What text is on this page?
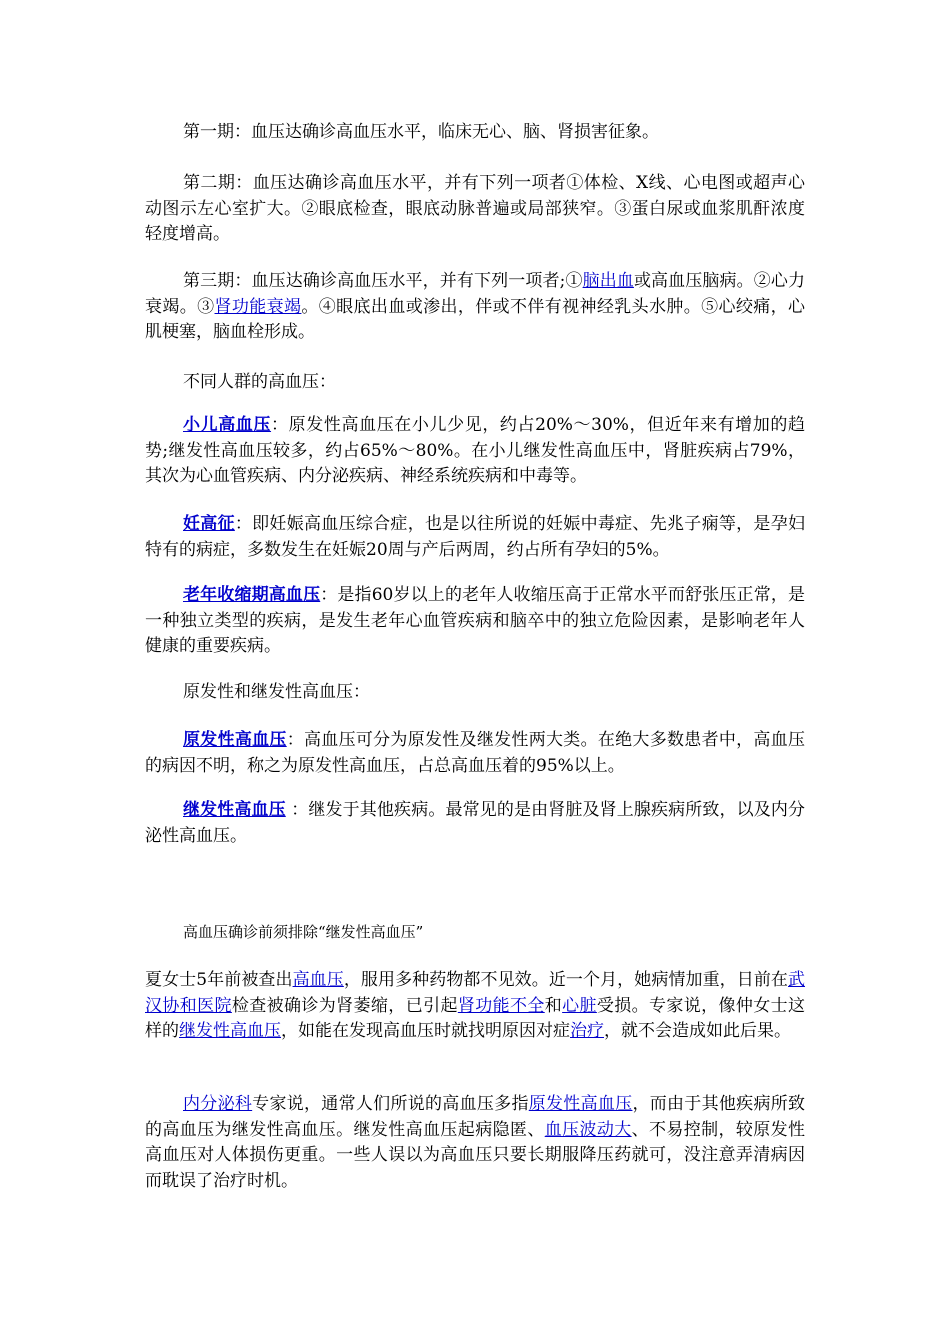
第一期：血压达确诊高血压水平，临床无心、脑、肾损害征象。

第二期：血压达确诊高血压水平，并有下列一项者①体检、X线、心电图或超声心动图示左心室扩大。②眼底检查，眼底动脉普遍或局部狭窄。③蛋白尿或血浆肌酐浓度轻度增高。

第三期：血压达确诊高血压水平，并有下列一项者;①脑出血或高血压脑病。②心力衰竭。③肾功能衰竭。④眼底出血或渗出，伴或不伴有视神经乳头水肿。⑤心绞痛，心肌梗塞，脑血栓形成。

不同人群的高血压：

小儿高血压：原发性高血压在小儿少见，约占20%～30%，但近年来有增加的趋势;继发性高血压较多，约占65%～80%。在小儿继发性高血压中，肾脏疾病占79%，其次为心血管疾病、内分泌疾病、神经系统疾病和中毒等。

妊高征：即妊娠高血压综合症，也是以往所说的妊娠中毒症、先兆子痫等，是孕妇特有的病症，多数发生在妊娠20周与产后两周，约占所有孕妇的5%。

老年收缩期高血压：是指60岁以上的老年人收缩压高于正常水平而舒张压正常，是一种独立类型的疾病，是发生老年心血管疾病和脑卒中的独立危险因素，是影响老年人健康的重要疾病。

原发性和继发性高血压：

原发性高血压：高血压可分为原发性及继发性两大类。在绝大多数患者中，高血压的病因不明，称之为原发性高血压，占总高血压着的95%以上。

继发性高血压 ：继发于其他疾病。最常见的是由肾脏及肾上腺疾病所致，以及内分泌性高血压。

高血压确诊前须排除“继发性高血压”

夏女士5年前被查出高血压，服用多种药物都不见效。近一个月，她病情加重，日前在武汉协和医院检查被确诊为肾萎缩，已引起肾功能不全和心脏受损。专家说，像仲女士这样的继发性高血压，如能在发现高血压时就找明原因对症治疗，就不会造成如此后果。

内分泌科专家说，通常人们所说的高血压多指原发性高血压，而由于其他疾病所致的高血压为继发性高血压。继发性高血压起病隐匿、血压波动大、不易控制，较原发性高血压对人体损伤更重。一些人误以为高血压只要长期服降压药就可，没注意弄清病因而耽误了治疗时机。
